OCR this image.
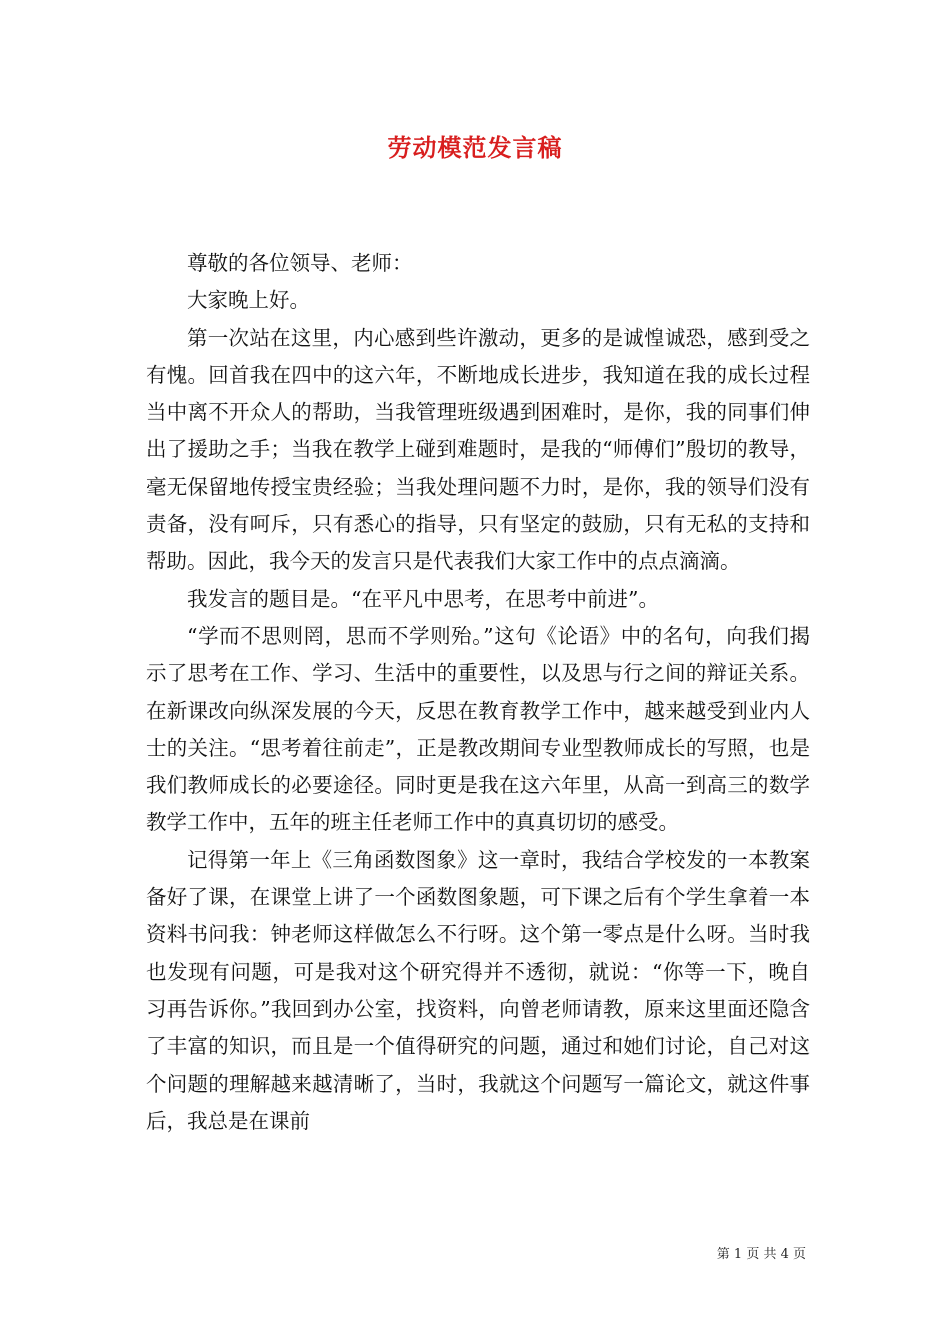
劳动模范发言稿

尊敬的各位领导、老师：

大家晚上好。

第一次站在这里，内心感到些许激动，更多的是诚惶诚恐，感到受之有愧。回首我在四中的这六年，不断地成长进步，我知道在我的成长过程当中离不开众人的帮助，当我管理班级遇到困难时，是你，我的同事们伸出了援助之手；当我在教学上碰到难题时，是我的“师傅们”殷切的教导，毫无保留地传授宝贵经验；当我处理问题不力时，是你，我的领导们没有责备，没有呵斥，只有悉心的指导，只有坚定的鼓励，只有无私的支持和帮助。因此，我今天的发言只是代表我们大家工作中的点点滴滴。

我发言的题目是。“在平凡中思考，在思考中前进”。

“学而不思则罔，思而不学则殆。”这句《论语》中的名句，向我们揭示了思考在工作、学习、生活中的重要性，以及思与行之间的辩证关系。在新课改向纵深发展的今天，反思在教育教学工作中，越来越受到业内人士的关注。“思考着往前走”，正是教改期间专业型教师成长的写照，也是我们教师成长的必要途径。同时更是我在这六年里，从高一到高三的数学教学工作中，五年的班主任老师工作中的真真切切的感受。

记得第一年上《三角函数图象》这一章时，我结合学校发的一本教案备好了课，在课堂上讲了一个函数图象题，可下课之后有个学生拿着一本资料书问我：钟老师这样做怎么不行呀。这个第一零点是什么呀。当时我也发现有问题，可是我对这个研究得并不透彻，就说：“你等一下，晚自习再告诉你。”我回到办公室，找资料，向曾老师请教，原来这里面还隐含了丰富的知识，而且是一个值得研究的问题，通过和她们讨论，自己对这个问题的理解越来越清晰了，当时，我就这个问题写一篇论文，就这件事后，我总是在课前

第 1 页 共 4 页
